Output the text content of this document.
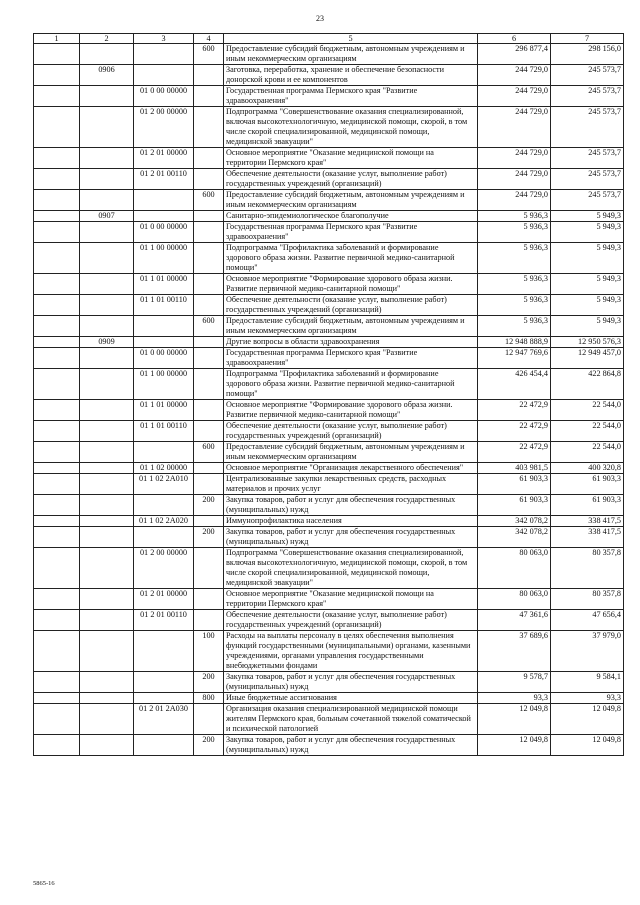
23
1	2	3	4	5	6	7
			600	Предоставление субсидий бюджетным, автономным учреждениям и иным некоммерческим организациям	296 877,4	298 156,0
	0906			Заготовка, переработка, хранение и обеспечение безопасности донорской крови и ее компонентов	244 729,0	245 573,7
		01 0 00 00000		Государственная программа Пермского края "Развитие здравоохранения"	244 729,0	245 573,7
		01 2 00 00000		Подпрограмма "Совершенствование оказания специализированной, включая высокотехнологичную, медицинской помощи, скорой, в том числе скорой специализированной, медицинской помощи, медицинской эвакуации"	244 729,0	245 573,7
		01 2 01 00000		Основное мероприятие "Оказание медицинской помощи на территории Пермского края"	244 729,0	245 573,7
		01 2 01 00110		Обеспечение деятельности (оказание услуг, выполнение работ) государственных учреждений (организаций)	244 729,0	245 573,7
			600	Предоставление субсидий бюджетным, автономным учреждениям и иным некоммерческим организациям	244 729,0	245 573,7
	0907			Санитарно-эпидемиологическое благополучие	5 936,3	5 949,3
		01 0 00 00000		Государственная программа Пермского края "Развитие здравоохранения"	5 936,3	5 949,3
		01 1 00 00000		Подпрограмма "Профилактика заболеваний и формирование здорового образа жизни. Развитие первичной медико-санитарной помощи"	5 936,3	5 949,3
		01 1 01 00000		Основное мероприятие "Формирование здорового образа жизни. Развитие первичной медико-санитарной помощи"	5 936,3	5 949,3
		01 1 01 00110		Обеспечение деятельности (оказание услуг, выполнение работ) государственных учреждений (организаций)	5 936,3	5 949,3
			600	Предоставление субсидий бюджетным, автономным учреждениям и иным некоммерческим организациям	5 936,3	5 949,3
	0909			Другие вопросы в области здравоохранения	12 948 888,9	12 950 576,3
		01 0 00 00000		Государственная программа Пермского края "Развитие здравоохранения"	12 947 769,6	12 949 457,0
		01 1 00 00000		Подпрограмма "Профилактика заболеваний и формирование здорового образа жизни. Развитие первичной медико-санитарной помощи"	426 454,4	422 864,8
		01 1 01 00000		Основное мероприятие "Формирование здорового образа жизни. Развитие первичной медико-санитарной помощи"	22 472,9	22 544,0
		01 1 01 00110		Обеспечение деятельности (оказание услуг, выполнение работ) государственных учреждений (организаций)	22 472,9	22 544,0
			600	Предоставление субсидий бюджетным, автономным учреждениям и иным некоммерческим организациям	22 472,9	22 544,0
		01 1 02 00000		Основное мероприятие "Организация лекарственного обеспечения"	403 981,5	400 320,8
		01 1 02 2А010		Централизованные закупки лекарственных средств, расходных материалов и прочих услуг	61 903,3	61 903,3
			200	Закупка товаров, работ и услуг для обеспечения государственных (муниципальных) нужд	61 903,3	61 903,3
		01 1 02 2А020		Иммунопрофилактика населения	342 078,2	338 417,5
			200	Закупка товаров, работ и услуг для обеспечения государственных (муниципальных) нужд	342 078,2	338 417,5
		01 2 00 00000		Подпрограмма "Совершенствование оказания специализированной, включая высокотехнологичную, медицинской помощи, скорой, в том числе скорой специализированной, медицинской помощи, медицинской эвакуации"	80 063,0	80 357,8
		01 2 01 00000		Основное мероприятие "Оказание медицинской помощи на территории Пермского края"	80 063,0	80 357,8
		01 2 01 00110		Обеспечение деятельности (оказание услуг, выполнение работ) государственных учреждений (организаций)	47 361,6	47 656,4
			100	Расходы на выплаты персоналу в целях обеспечения выполнения функций государственными (муниципальными) органами, казенными учреждениями, органами управления государственными внебюджетными фондами	37 689,6	37 979,0
			200	Закупка товаров, работ и услуг для обеспечения государственных (муниципальных) нужд	9 578,7	9 584,1
			800	Иные бюджетные ассигнования	93,3	93,3
		01 2 01 2А030		Организация оказания специализированной медицинской помощи жителям Пермского края, больным сочетанной тяжелой соматической и психической патологией	12 049,8	12 049,8
			200	Закупка товаров, работ и услуг для обеспечения государственных (муниципальных) нужд	12 049,8	12 049,8
5865-16
